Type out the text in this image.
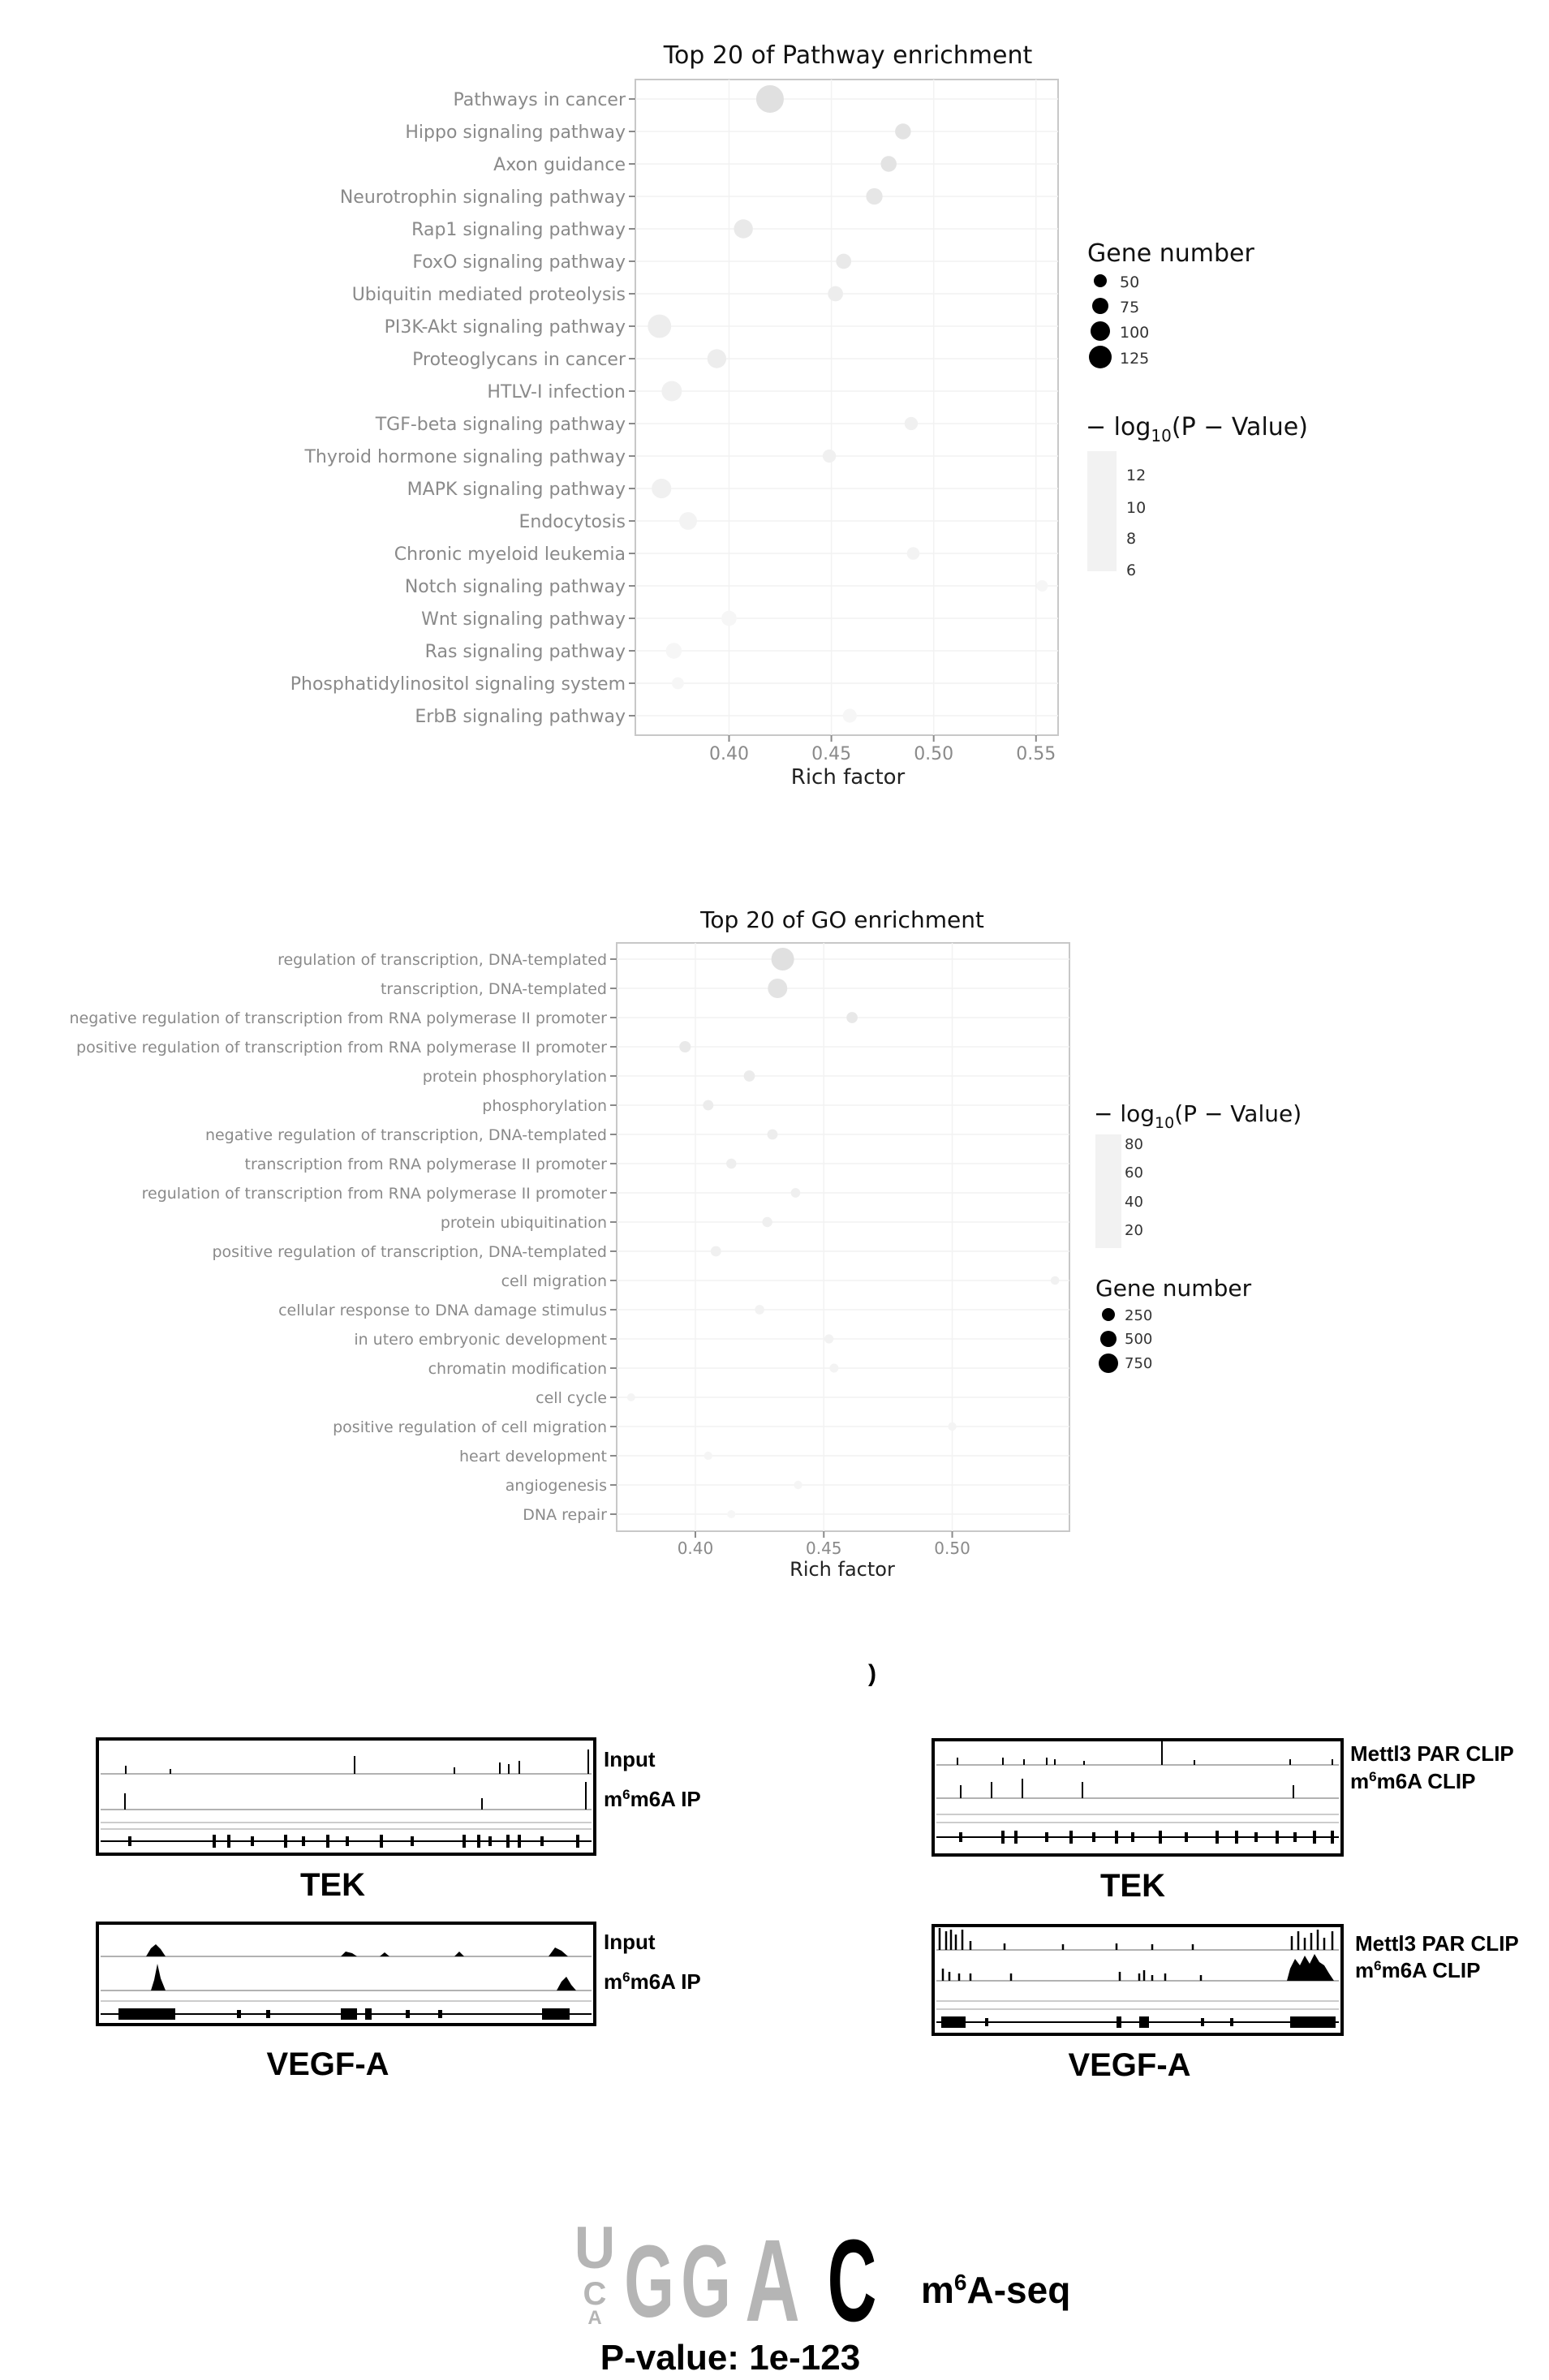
Top 20 of Pathway enrichment
Pathways in cancer
Hippo signaling pathway
Axon guidance
Neurotrophin signaling pathway
Rap1 signaling pathway
FoxO signaling pathway
Ubiquitin mediated proteolysis
PI3K-Akt signaling pathway
Proteoglycans in cancer
HTLV-I infection
TGF-beta signaling pathway
Thyroid hormone signaling pathway
MAPK signaling pathway
Endocytosis
Chronic myeloid leukemia
Notch signaling pathway
Wnt signaling pathway
Ras signaling pathway
Phosphatidylinositol signaling system
ErbB signaling pathway
0.40	0.45	0.50	0.55
Rich factor
Gene number
50
75
100
125
− $\log_{10}(P$ − Value)
12
10
8
6
Top 20 of GO enrichment
regulation of transcription, DNA-templated
transcription, DNA-templated
negative regulation of transcription from RNA polymerase II promoter
positive regulation of transcription from RNA polymerase II promoter
protein phosphorylation
phosphorylation
negative regulation of transcription, DNA-templated
transcription from RNA polymerase II promoter
regulation of transcription from RNA polymerase II promoter
protein ubiquitination
positive regulation of transcription, DNA-templated
cell migration
cellular response to DNA damage stimulus
in utero embryonic development
chromatin modification
cell cycle
positive regulation of cell migration
heart development
angiogenesis
DNA repair
0.40	0.45	0.50
Rich factor
− $\log_{10}(P$ − Value)
80
60
40
20
Gene number
250
500
750
)
Input
$m^6m6A$ IP
TEK
Input
$m^6m6A$ IP
VEGF-A
Mettl3 PAR CLIP
$m^6m6A$ CLIP
TEK
Mettl3 PAR CLIP
$m^6m6A$ CLIP
VEGF-A
U
C
A G G A C $m^6A$-seq
P-value: 1e-123
